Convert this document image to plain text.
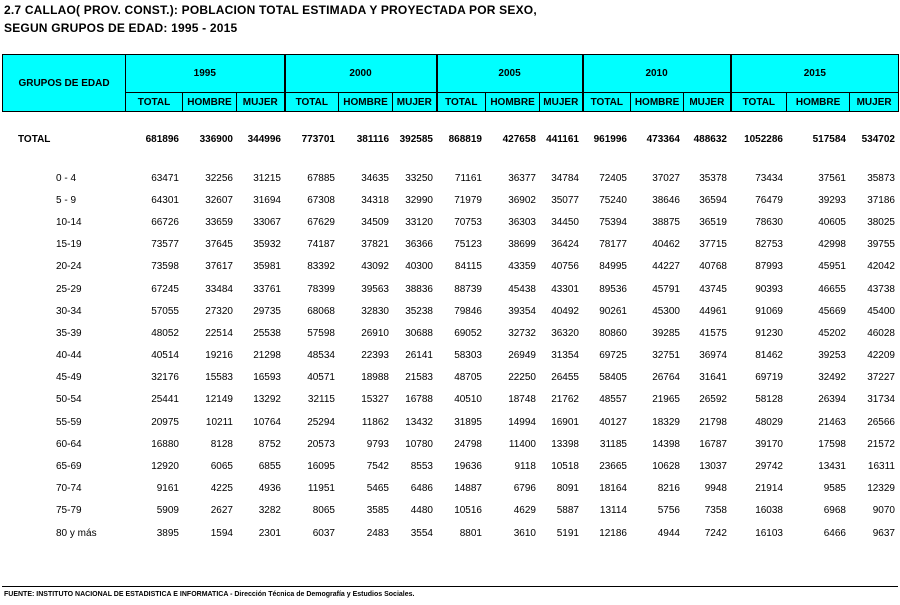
2.7 CALLAO( PROV. CONST.): POBLACION TOTAL ESTIMADA Y PROYECTADA POR SEXO,
SEGUN GRUPOS DE EDAD: 1995 - 2015
GRUPOS DE EDAD	1995			2000			2005			2010			2015		
	TOTAL	HOMBRE	MUJER	TOTAL	HOMBRE	MUJER	TOTAL	HOMBRE	MUJER	TOTAL	HOMBRE	MUJER	TOTAL	HOMBRE	MUJER
TOTAL	681896	336900	344996	773701	381116	392585	868819	427658	441161	961996	473364	488632	1052286	517584	534702

0 - 4	63471	32256	31215	67885	34635	33250	71161	36377	34784	72405	37027	35378	73434	37561	35873
5 - 9	64301	32607	31694	67308	34318	32990	71979	36902	35077	75240	38646	36594	76479	39293	37186
10-14	66726	33659	33067	67629	34509	33120	70753	36303	34450	75394	38875	36519	78630	40605	38025
15-19	73577	37645	35932	74187	37821	36366	75123	38699	36424	78177	40462	37715	82753	42998	39755
20-24	73598	37617	35981	83392	43092	40300	84115	43359	40756	84995	44227	40768	87993	45951	42042
25-29	67245	33484	33761	78399	39563	38836	88739	45438	43301	89536	45791	43745	90393	46655	43738
30-34	57055	27320	29735	68068	32830	35238	79846	39354	40492	90261	45300	44961	91069	45669	45400
35-39	48052	22514	25538	57598	26910	30688	69052	32732	36320	80860	39285	41575	91230	45202	46028
40-44	40514	19216	21298	48534	22393	26141	58303	26949	31354	69725	32751	36974	81462	39253	42209
45-49	32176	15583	16593	40571	18988	21583	48705	22250	26455	58405	26764	31641	69719	32492	37227
50-54	25441	12149	13292	32115	15327	16788	40510	18748	21762	48557	21965	26592	58128	26394	31734
55-59	20975	10211	10764	25294	11862	13432	31895	14994	16901	40127	18329	21798	48029	21463	26566
60-64	16880	8128	8752	20573	9793	10780	24798	11400	13398	31185	14398	16787	39170	17598	21572
65-69	12920	6065	6855	16095	7542	8553	19636	9118	10518	23665	10628	13037	29742	13431	16311
70-74	9161	4225	4936	11951	5465	6486	14887	6796	8091	18164	8216	9948	21914	9585	12329
75-79	5909	2627	3282	8065	3585	4480	10516	4629	5887	13114	5756	7358	16038	6968	9070
80 y más	3895	1594	2301	6037	2483	3554	8801	3610	5191	12186	4944	7242	16103	6466	9637
FUENTE: INSTITUTO NACIONAL DE ESTADISTICA E INFORMATICA - Dirección Técnica de Demografía y Estudios Sociales.
